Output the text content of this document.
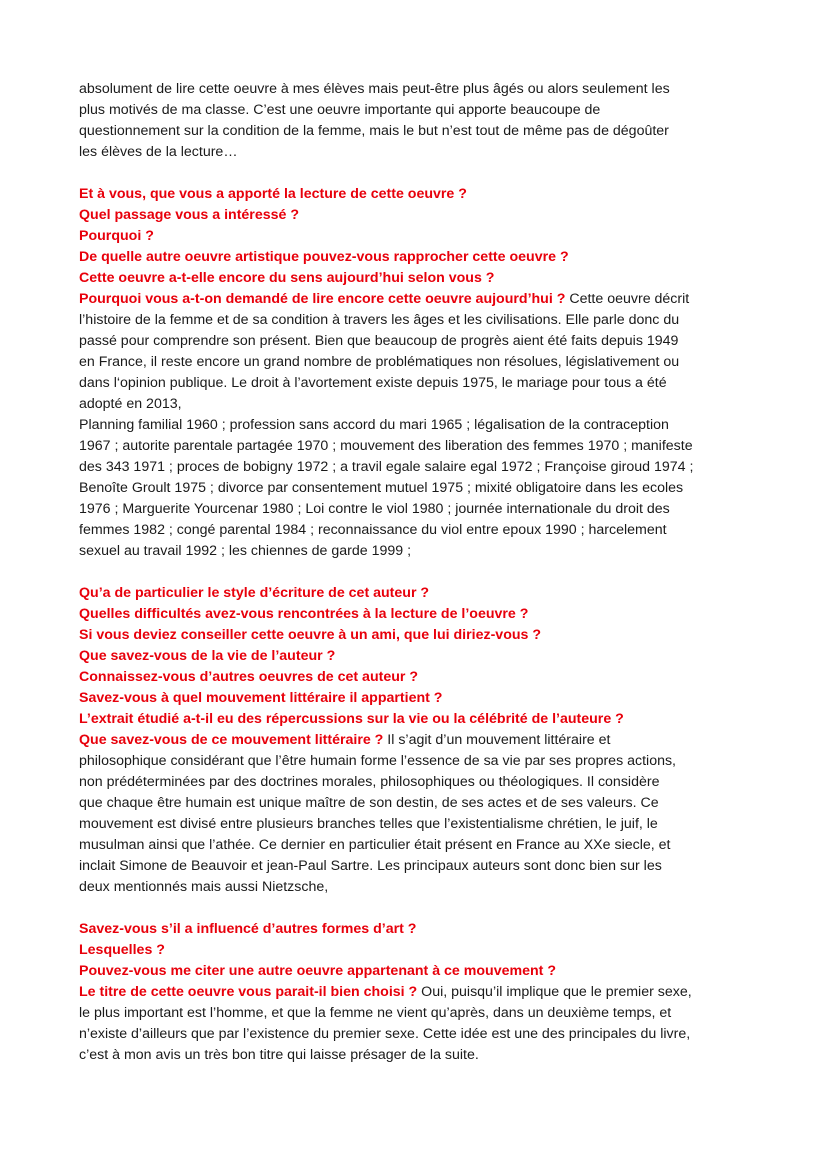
absolument de lire cette oeuvre à mes élèves mais peut-être plus âgés ou alors seulement les
plus motivés de ma classe. C’est une oeuvre importante qui apporte beaucoupe de
questionnement sur la condition de la femme, mais le but n’est tout de même pas de dégoûter
les élèves de la lecture…
Et à vous, que vous a apporté la lecture de cette oeuvre ?
Quel passage vous a intéressé ?
Pourquoi ?
De quelle autre oeuvre artistique pouvez-vous rapprocher cette oeuvre ?
Cette oeuvre a-t-elle encore du sens aujourd’hui selon vous ?
Pourquoi vous a-t-on demandé de lire encore cette oeuvre aujourd’hui ? Cette oeuvre décrit
l’histoire de la femme et de sa condition à travers les âges et les civilisations. Elle parle donc du
passé pour comprendre son présent. Bien que beaucoup de progrès aient été faits depuis 1949
en France, il reste encore un grand nombre de problématiques non résolues, législativement ou
dans l‘opinion publique. Le droit à l’avortement existe depuis 1975, le mariage pour tous a été
adopté en 2013,
Planning familial 1960 ; profession sans accord du mari 1965 ; légalisation de la contraception
1967 ; autorite parentale partagée 1970 ; mouvement des liberation des femmes 1970 ; manifeste
des 343 1971 ; proces de bobigny 1972 ; a travil egale salaire egal 1972 ; Françoise giroud 1974 ;
Benoîte Groult 1975 ; divorce par consentement mutuel 1975 ; mixité obligatoire dans les ecoles
1976 ; Marguerite Yourcenar 1980 ; Loi contre le viol 1980 ; journée internationale du droit des
femmes 1982 ; congé parental 1984 ; reconnaissance du viol entre epoux 1990 ; harcelement
sexuel au travail 1992 ; les chiennes de garde 1999 ;
Qu’a de particulier le style d’écriture de cet auteur ?
Quelles difficultés avez-vous rencontrées à la lecture de l’oeuvre ?
Si vous deviez conseiller cette oeuvre à un ami, que lui diriez-vous ?
Que savez-vous de la vie de l’auteur ?
Connaissez-vous d’autres oeuvres de cet auteur ?
Savez-vous à quel mouvement littéraire il appartient ?
L’extrait étudié a-t-il eu des répercussions sur la vie ou la célébrité de l’auteure ?
Que savez-vous de ce mouvement littéraire ? Il s’agit d’un mouvement littéraire et
philosophique considérant que l’être humain forme l’essence de sa vie par ses propres actions,
non prédéterminées par des doctrines morales, philosophiques ou théologiques. Il considère
que chaque être humain est unique maître de son destin, de ses actes et de ses valeurs. Ce
mouvement est divisé entre plusieurs branches telles que l’existentialisme chrétien, le juif, le
musulman ainsi que l’athée. Ce dernier en particulier était présent en France au XXe siecle, et
inclait Simone de Beauvoir et jean-Paul Sartre. Les principaux auteurs sont donc bien sur les
deux mentionnés mais aussi Nietzsche,
Savez-vous s’il a influencé d’autres formes d’art ?
Lesquelles ?
Pouvez-vous me citer une autre oeuvre appartenant à ce mouvement ?
Le titre de cette oeuvre vous parait-il bien choisi ? Oui, puisqu’il implique que le premier sexe,
le plus important est l’homme, et que la femme ne vient qu’après, dans un deuxième temps, et
n’existe d’ailleurs que par l’existence du premier sexe. Cette idée est une des principales du livre,
c’est à mon avis un très bon titre qui laisse présager de la suite.
